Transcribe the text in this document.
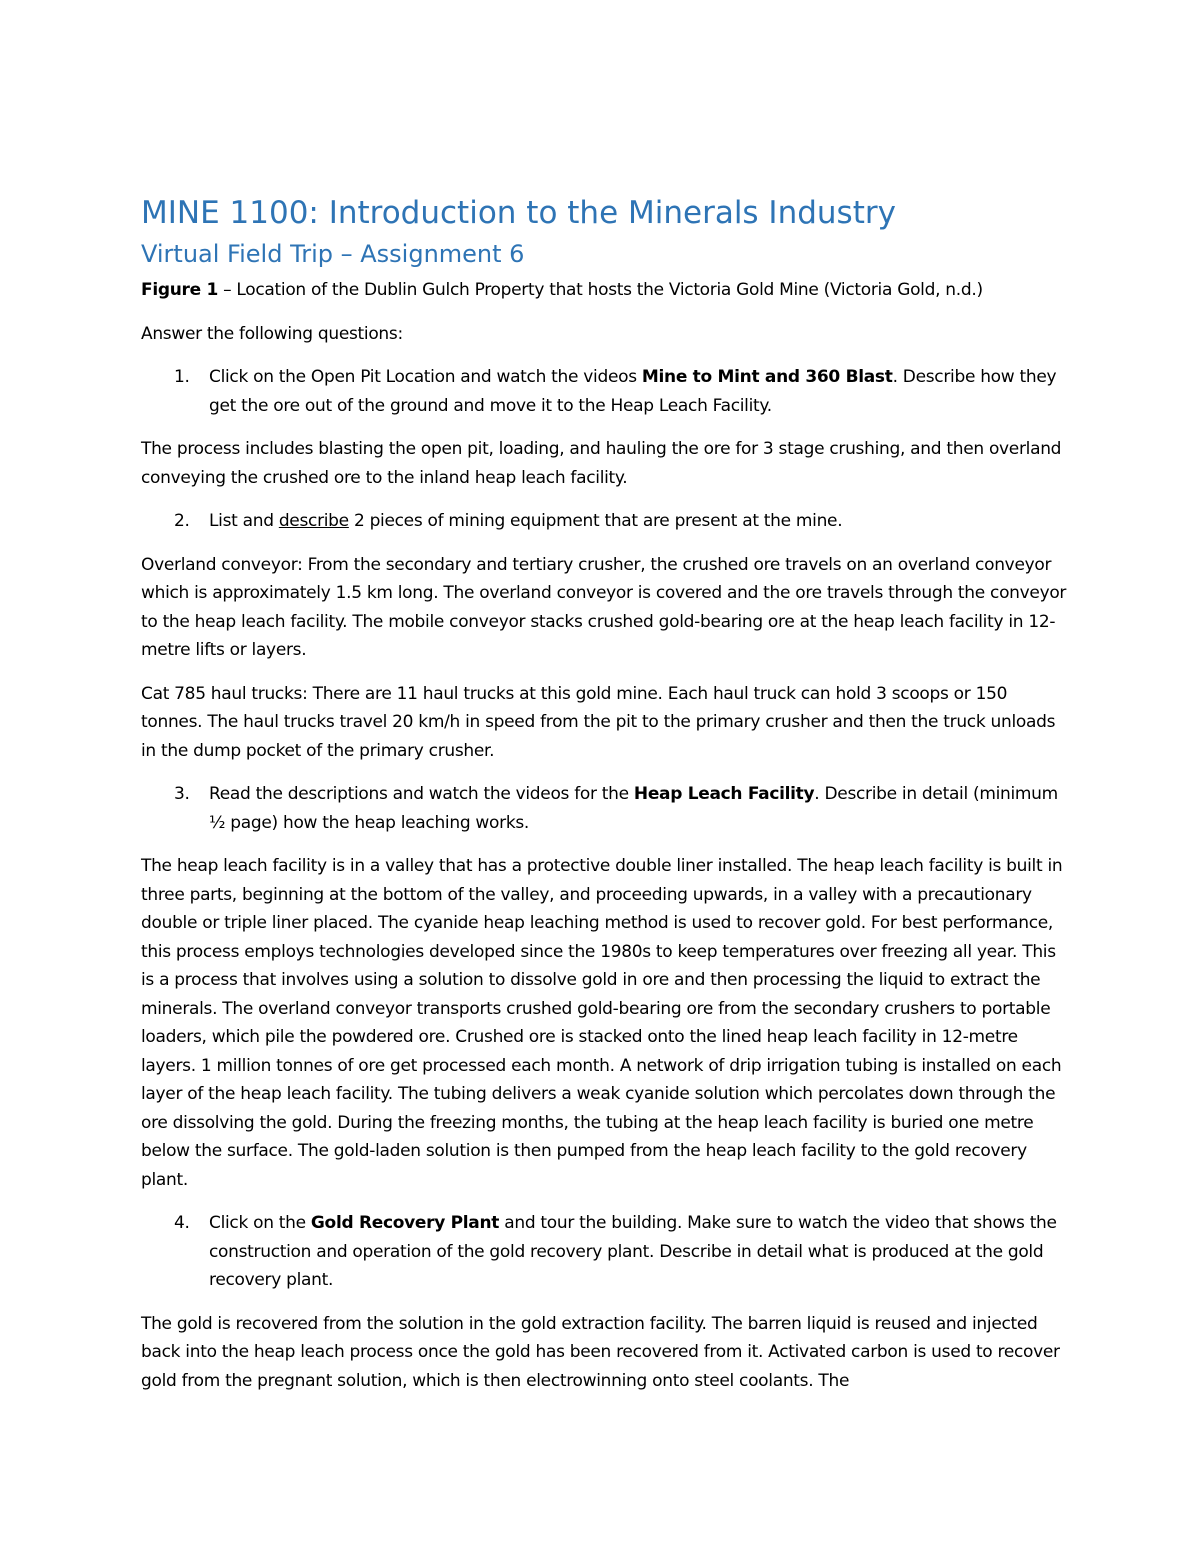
MINE 1100: Introduction to the Minerals Industry
Virtual Field Trip – Assignment 6

Figure 1 – Location of the Dublin Gulch Property that hosts the Victoria Gold Mine (Victoria Gold, n.d.)

Answer the following questions:

1.	Click on the Open Pit Location and watch the videos Mine to Mint and 360 Blast. Describe how they get the ore out of the ground and move it to the Heap Leach Facility.

The process includes blasting the open pit, loading, and hauling the ore for 3 stage crushing, and then overland conveying the crushed ore to the inland heap leach facility.

2.	List and describe 2 pieces of mining equipment that are present at the mine.

Overland conveyor: From the secondary and tertiary crusher, the crushed ore travels on an overland conveyor which is approximately 1.5 km long. The overland conveyor is covered and the ore travels through the conveyor to the heap leach facility. The mobile conveyor stacks crushed gold-bearing ore at the heap leach facility in 12-metre lifts or layers.

Cat 785 haul trucks: There are 11 haul trucks at this gold mine. Each haul truck can hold 3 scoops or 150 tonnes. The haul trucks travel 20 km/h in speed from the pit to the primary crusher and then the truck unloads in the dump pocket of the primary crusher.

3.	Read the descriptions and watch the videos for the Heap Leach Facility. Describe in detail (minimum ½ page) how the heap leaching works.

The heap leach facility is in a valley that has a protective double liner installed. The heap leach facility is built in three parts, beginning at the bottom of the valley, and proceeding upwards, in a valley with a precautionary double or triple liner placed. The cyanide heap leaching method is used to recover gold. For best performance, this process employs technologies developed since the 1980s to keep temperatures over freezing all year. This is a process that involves using a solution to dissolve gold in ore and then processing the liquid to extract the minerals. The overland conveyor transports crushed gold-bearing ore from the secondary crushers to portable loaders, which pile the powdered ore. Crushed ore is stacked onto the lined heap leach facility in 12-metre layers. 1 million tonnes of ore get processed each month. A network of drip irrigation tubing is installed on each layer of the heap leach facility. The tubing delivers a weak cyanide solution which percolates down through the ore dissolving the gold. During the freezing months, the tubing at the heap leach facility is buried one metre below the surface. The gold-laden solution is then pumped from the heap leach facility to the gold recovery plant.

4.	Click on the Gold Recovery Plant and tour the building. Make sure to watch the video that shows the construction and operation of the gold recovery plant. Describe in detail what is produced at the gold recovery plant.

The gold is recovered from the solution in the gold extraction facility. The barren liquid is reused and injected back into the heap leach process once the gold has been recovered from it. Activated carbon is used to recover gold from the pregnant solution, which is then electrowinning onto steel coolants. The
